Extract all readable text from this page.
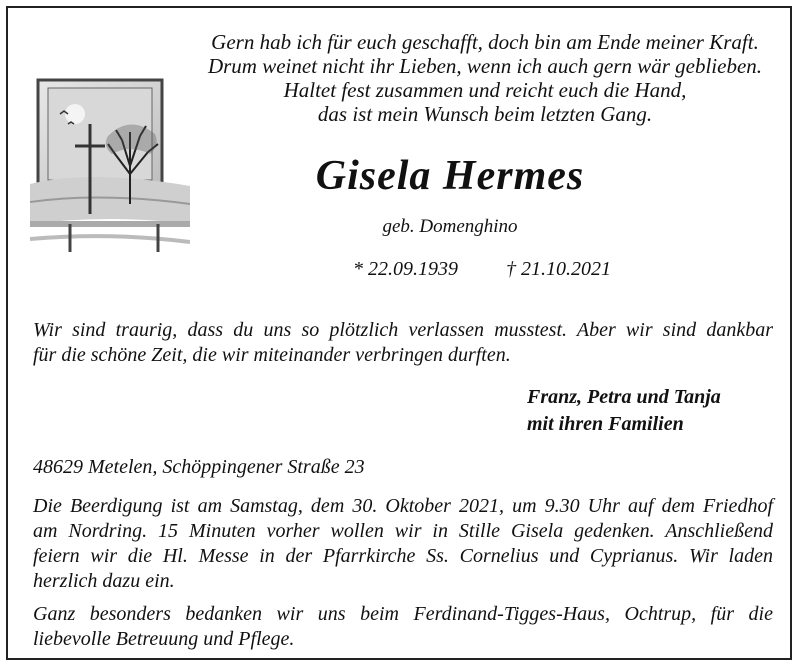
Gern hab ich für euch geschafft, doch bin am Ende meiner Kraft.
Drum weinet nicht ihr Lieben, wenn ich auch gern wär geblieben.
Haltet fest zusammen und reicht euch die Hand,
das ist mein Wunsch beim letzten Gang.
Gisela Hermes
geb. Domenghino
* 22.09.1939 † 21.10.2021
Wir sind traurig, dass du uns so plötzlich verlassen musstest. Aber wir sind dankbar
für die schöne Zeit, die wir miteinander verbringen durften.
Franz, Petra und Tanja
mit ihren Familien
48629 Metelen, Schöppingener Straße 23
Die Beerdigung ist am Samstag, dem 30. Oktober 2021, um 9.30 Uhr auf dem Friedhof
am Nordring. 15 Minuten vorher wollen wir in Stille Gisela gedenken. Anschließend
feiern wir die Hl. Messe in der Pfarrkirche Ss. Cornelius und Cyprianus. Wir laden
herzlich dazu ein.
Ganz besonders bedanken wir uns beim Ferdinand-Tigges-Haus, Ochtrup, für die
liebevolle Betreuung und Pflege.
